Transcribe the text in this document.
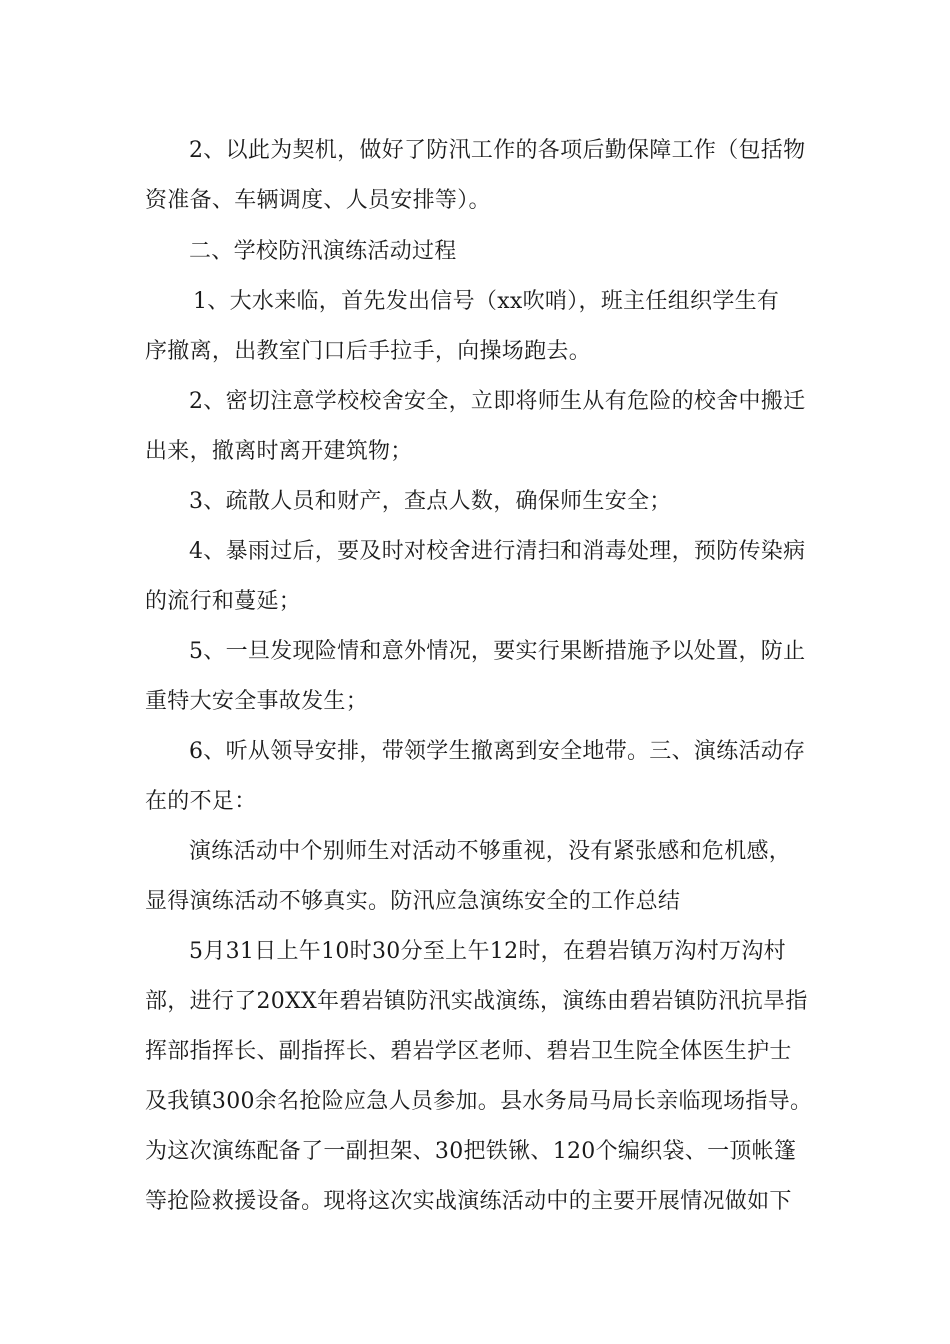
2、以此为契机，做好了防汛工作的各项后勤保障工作（包括物
资准备、车辆调度、人员安排等）。
二、学校防汛演练活动过程
1、大水来临，首先发出信号（xx吹哨），班主任组织学生有
序撤离，出教室门口后手拉手，向操场跑去。
2、密切注意学校校舍安全，立即将师生从有危险的校舍中搬迁
出来，撤离时离开建筑物；
3、疏散人员和财产，查点人数，确保师生安全；
4、暴雨过后，要及时对校舍进行清扫和消毒处理，预防传染病
的流行和蔓延；
5、一旦发现险情和意外情况，要实行果断措施予以处置，防止
重特大安全事故发生；
6、听从领导安排，带领学生撤离到安全地带。三、演练活动存
在的不足：
演练活动中个别师生对活动不够重视，没有紧张感和危机感，
显得演练活动不够真实。防汛应急演练安全的工作总结
5月31日上午10时30分至上午12时，在碧岩镇万沟村万沟村
部，进行了20XX年碧岩镇防汛实战演练，演练由碧岩镇防汛抗旱指
挥部指挥长、副指挥长、碧岩学区老师、碧岩卫生院全体医生护士
及我镇300余名抢险应急人员参加。县水务局马局长亲临现场指导。
为这次演练配备了一副担架、30把铁锹、120个编织袋、一顶帐篷
等抢险救援设备。现将这次实战演练活动中的主要开展情况做如下
